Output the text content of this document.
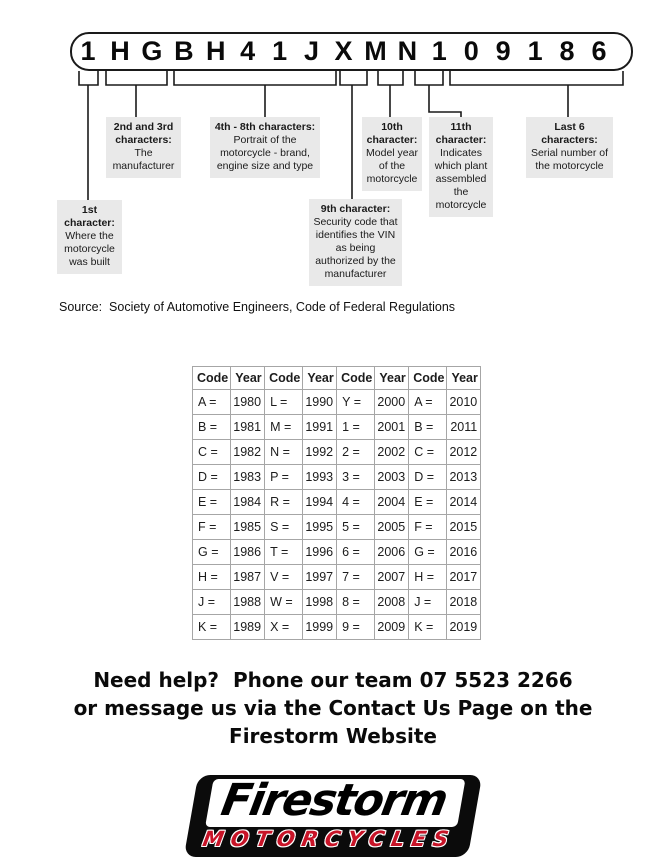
1 H G B H 4 1 J X M N 1 0 9 1 8 6
1st character:
Where the motorcycle was built
2nd and 3rd characters:
The manufacturer
4th - 8th characters:
Portrait of the motorcycle - brand, engine size and type
9th character:
Security code that identifies the VIN as being authorized by the manufacturer
10th character:
Model year of the motorcycle
11th character:
Indicates which plant assembled the motorcycle
Last 6 characters:
Serial number of the motorcycle
Source:  Society of Automotive Engineers, Code of Federal Regulations
Code	Year	Code	Year	Code	Year	Code	Year
A =	1980	L =	1990	Y =	2000	A =	2010
B =	1981	M =	1991	1 =	2001	B =	2011
C =	1982	N =	1992	2 =	2002	C =	2012
D =	1983	P =	1993	3 =	2003	D =	2013
E =	1984	R =	1994	4 =	2004	E =	2014
F =	1985	S =	1995	5 =	2005	F =	2015
G =	1986	T =	1996	6 =	2006	G =	2016
H =	1987	V =	1997	7 =	2007	H =	2017
J =	1988	W =	1998	8 =	2008	J =	2018
K =	1989	X =	1999	9 =	2009	K =	2019
Need help?  Phone our team 07 5523 2266
or message us via the Contact Us Page on the
Firestorm Website
Firestorm
MOTORCYCLES
